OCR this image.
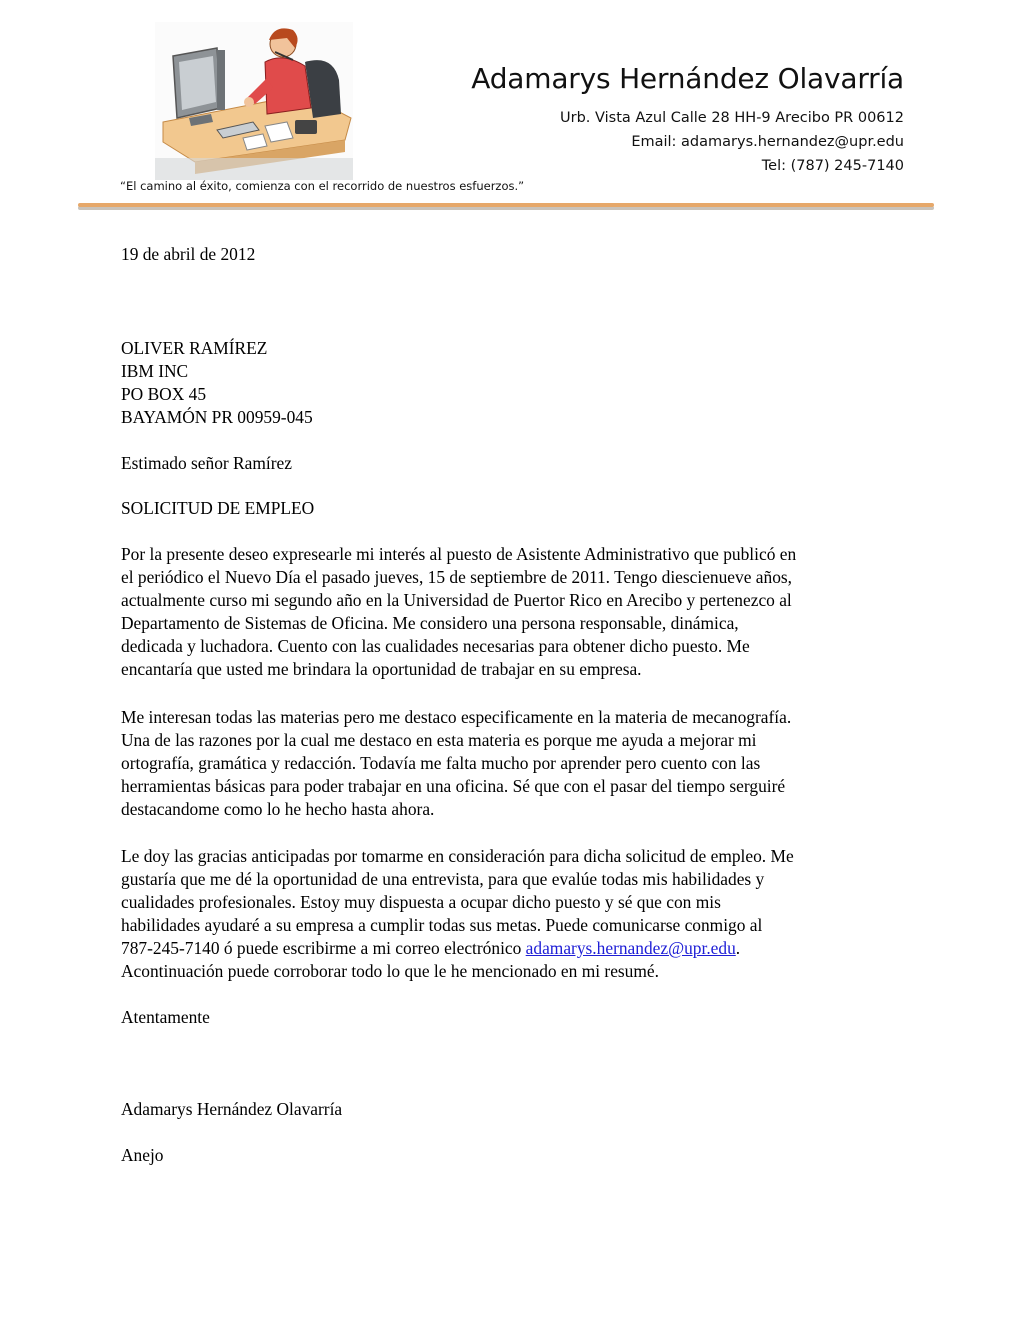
Adamarys Hernández Olavarría
Urb. Vista Azul Calle 28 HH-9 Arecibo PR 00612
Email: adamarys.hernandez@upr.edu
Tel: (787) 245-7140
“El camino al éxito, comienza con el recorrido de nuestros esfuerzos.”
19 de abril de 2012
OLIVER RAMÍREZ
IBM INC
PO BOX 45
BAYAMÓN PR 00959-045
Estimado señor Ramírez
SOLICITUD DE EMPLEO
Por la presente deseo expresearle mi interés al puesto de Asistente Administrativo que publicó en
el periódico el Nuevo Día el pasado jueves, 15 de septiembre de 2011. Tengo diescienueve años,
actualmente curso mi segundo año en la Universidad de Puertor Rico en Arecibo y pertenezco al
Departamento de Sistemas de Oficina. Me considero una persona responsable, dinámica,
dedicada y luchadora. Cuento con las cualidades necesarias para obtener dicho puesto. Me
encantaría que usted me brindara la oportunidad de trabajar en su empresa.
Me interesan todas las materias pero me destaco especificamente en la materia de mecanografía.
Una de las razones por la cual me destaco en esta materia es porque me ayuda a mejorar mi
ortografía, gramática y redacción. Todavía me falta mucho por aprender pero cuento con las
herramientas básicas para poder trabajar en una oficina. Sé que con el pasar del tiempo serguiré
destacandome como lo he hecho hasta ahora.
Le doy las gracias anticipadas por tomarme en consideración para dicha solicitud de empleo. Me
gustaría que me dé la oportunidad de una entrevista, para que evalúe todas mis habilidades y
cualidades profesionales. Estoy muy dispuesta a ocupar dicho puesto y sé que con mis
habilidades ayudaré a su empresa a cumplir todas sus metas. Puede comunicarse conmigo al
787-245-7140 ó puede escribirme a mi correo electrónico adamarys.hernandez@upr.edu.
Acontinuación puede corroborar todo lo que le he mencionado en mi resumé.
Atentamente
Adamarys Hernández Olavarría
Anejo
